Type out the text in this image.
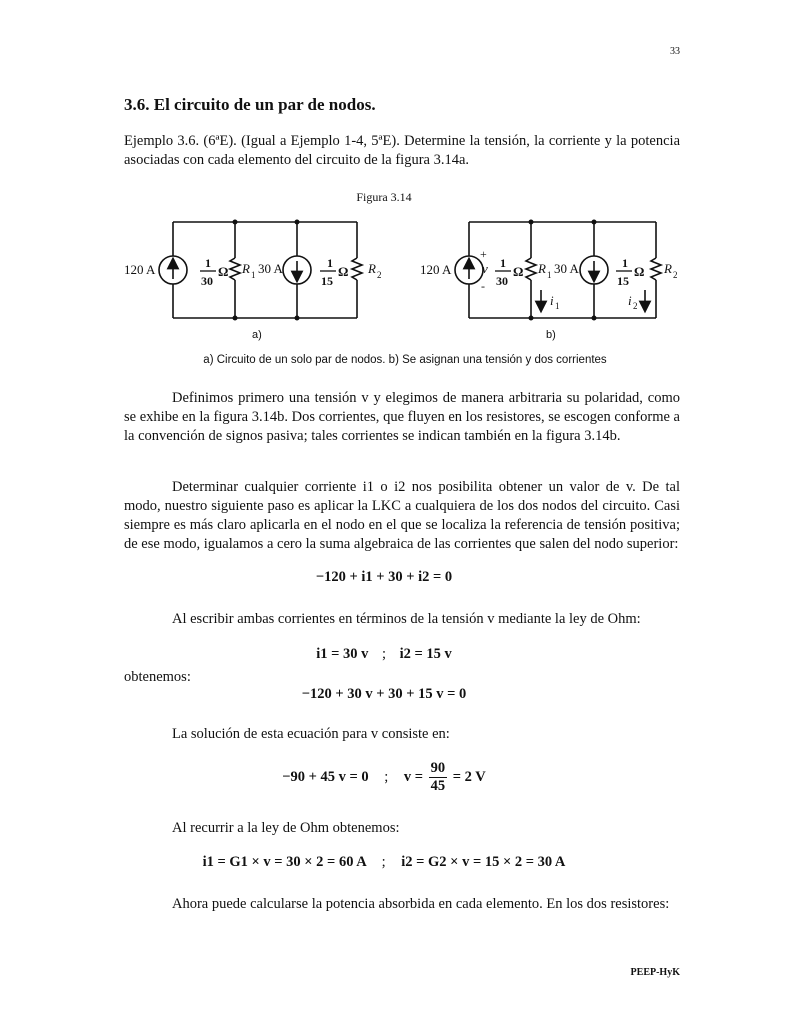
33
3.6. El circuito de un par de nodos.

Ejemplo 3.6. (6ªE). (Igual a Ejemplo 1-4, 5ªE). Determine la tensión, la corriente y la potencia asociadas con cada elemento del circuito de la figura 3.14a.

Figura 3.14
120 A	1
30
Ω R 1 30 A	1
15
Ω R 2	120 A
+
v
-
1
30
Ω R 1 30 A
i 1
1
15
Ω R 2
i 2
a)	b)
a) Circuito de un solo par de nodos. b) Se asignan una tensión y dos corrientes

Definimos primero una tensión v y elegimos de manera arbitraria su polaridad, como se exhibe en la figura 3.14b. Dos corrientes, que fluyen en los resistores, se escogen conforme a la convención de signos pasiva; tales corrientes se indican también en la figura 3.14b.

Determinar cualquier corriente i1 o i2 nos posibilita obtener un valor de v. De tal modo, nuestro siguiente paso es aplicar la LKC a cualquiera de los dos nodos del circuito. Casi siempre es más claro aplicarla en el nodo en el que se localiza la referencia de tensión positiva; de ese modo, igualamos a cero la suma algebraica de las corrientes que salen del nodo superior:

−120 + i1 + 30 + i2 = 0

Al escribir ambas corrientes en términos de la tensión v mediante la ley de Ohm:

i1 = 30 v ; i2 = 15 v

obtenemos:

−120 + 30 v + 30 + 15 v = 0

La solución de esta ecuación para v consiste en:

−90 + 45 v = 0 ; $v = \frac{90}{45} = 2$ V

Al recurrir a la ley de Ohm obtenemos:

i1 = G1 × v = 30 × 2 = 60 A ; i2 = G2 × v = 15 × 2 = 30 A

Ahora puede calcularse la potencia absorbida en cada elemento. En los dos resistores:

PEEP-HyK
